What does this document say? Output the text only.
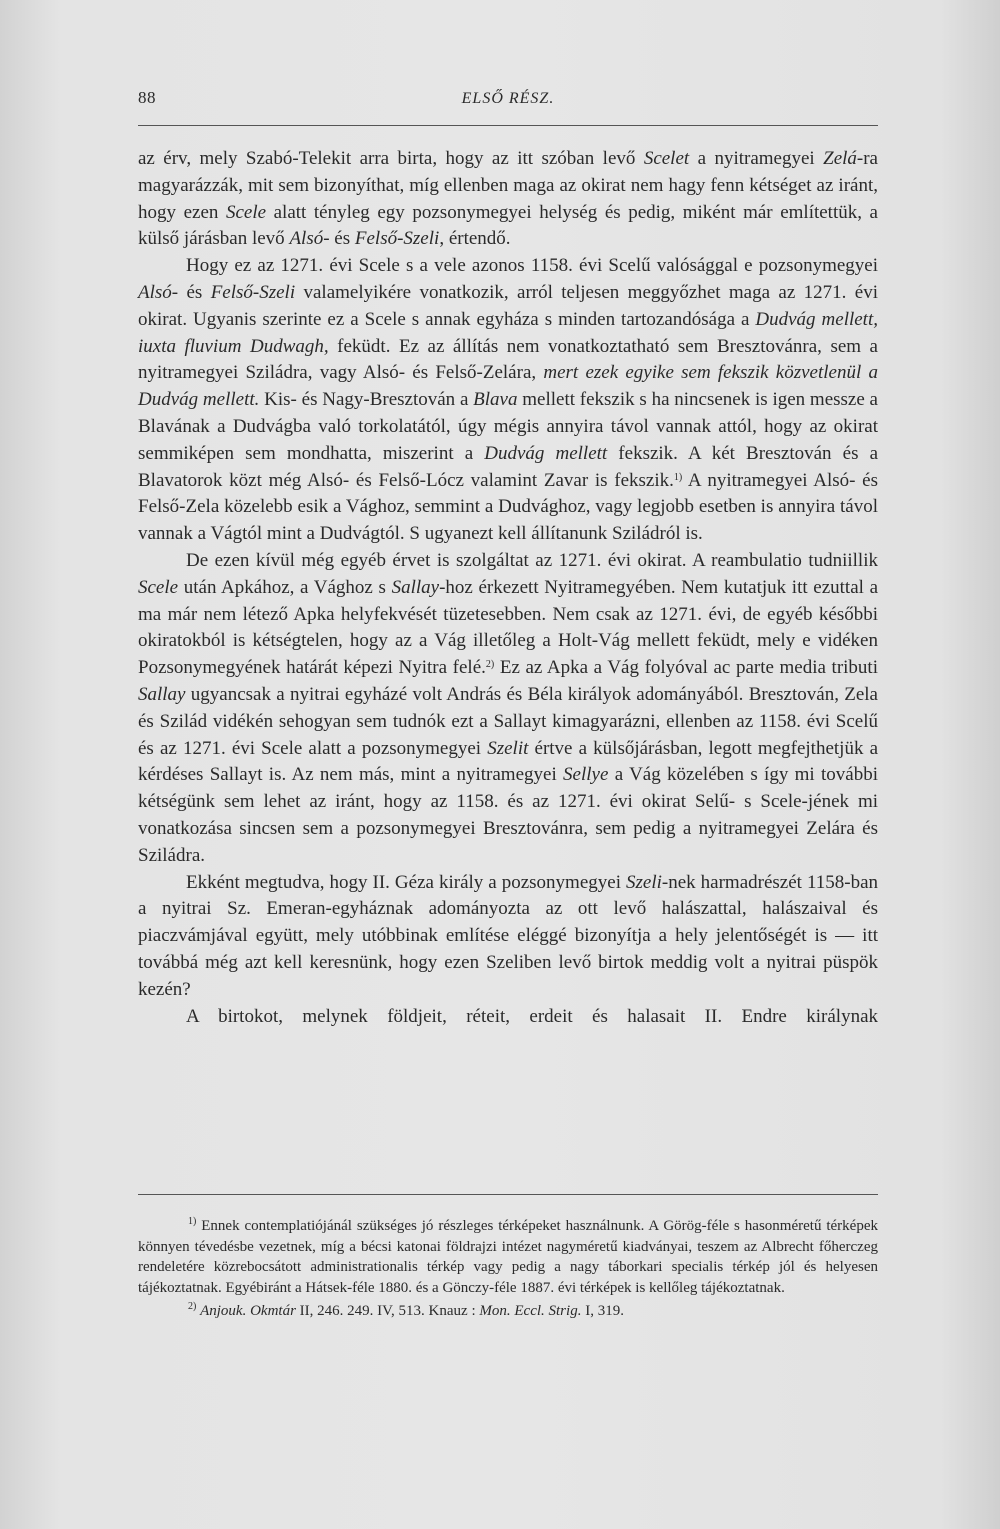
88	ELSŐ RÉSZ.

az érv, mely Szabó-Telekit arra birta, hogy az itt szóban levő Scelet a nyitramegyei Zelá-ra magyarázzák, mit sem bizonyíthat, míg ellenben maga az okirat nem hagy fenn kétséget az iránt, hogy ezen Scele alatt tényleg egy pozsonymegyei helység és pedig, miként már említettük, a külső járásban levő Alsó- és Felső-Szeli, értendő.

Hogy ez az 1271. évi Scele s a vele azonos 1158. évi Scelű valósággal e pozsonymegyei Alsó- és Felső-Szeli valamelyikére vonatkozik, arról teljesen meggyőzhet maga az 1271. évi okirat. Ugyanis szerinte ez a Scele s annak egyháza s minden tartozandósága a Dudvág mellett, iuxta fluvium Dudwagh, feküdt. Ez az állítás nem vonatkoztatható sem Bresztovánra, sem a nyitramegyei Sziládra, vagy Alsó- és Felső-Zelára, mert ezek egyike sem fekszik közvetlenül a Dudvág mellett. Kis- és Nagy-Bresztován a Blava mellett fekszik s ha nincsenek is igen messze a Blavának a Dudvágba való torkolatától, úgy mégis annyira távol vannak attól, hogy az okirat semmiképen sem mondhatta, miszerint a Dudvág mellett fekszik. A két Bresztován és a Blavatorok közt még Alsó- és Felső-Lócz valamint Zavar is fekszik.$^{1)}$ A nyitramegyei Alsó- és Felső-Zela közelebb esik a Vághoz, semmint a Dudvághoz, vagy legjobb esetben is annyira távol vannak a Vágtól mint a Dudvágtól. S ugyanezt kell állítanunk Sziládról is.

De ezen kívül még egyéb érvet is szolgáltat az 1271. évi okirat. A reambulatio tudniillik Scele után Apkához, a Vághoz s Sallay-hoz érkezett Nyitramegyében. Nem kutatjuk itt ezuttal a ma már nem létező Apka helyfekvését tüzetesebben. Nem csak az 1271. évi, de egyéb későbbi okiratokból is kétségtelen, hogy az a Vág illetőleg a Holt-Vág mellett feküdt, mely e vidéken Pozsonymegyének határát képezi Nyitra felé.$^{2)}$ Ez az Apka a Vág folyóval ac parte media tributi Sallay ugyancsak a nyitrai egyházé volt András és Béla királyok adományából. Bresztován, Zela és Szilád vidékén sehogyan sem tudnók ezt a Sallayt kimagyarázni, ellenben az 1158. évi Scelű és az 1271. évi Scele alatt a pozsonymegyei Szelit értve a külsőjárásban, legott megfejthetjük a kérdéses Sallayt is. Az nem más, mint a nyitramegyei Sellye a Vág közelében s így mi további kétségünk sem lehet az iránt, hogy az 1158. és az 1271. évi okirat Selű- s Scele-jének mi vonatkozása sincsen sem a pozsonymegyei Bresztovánra, sem pedig a nyitramegyei Zelára és Sziládra.

Ekként megtudva, hogy II. Géza király a pozsonymegyei Szeli-nek harmadrészét 1158-ban a nyitrai Sz. Emeran-egyháznak adományozta az ott levő halászattal, halászaival és piaczvámjával együtt, mely utóbbinak említése eléggé bizonyítja a hely jelentőségét is — itt továbbá még azt kell keresnünk, hogy ezen Szeliben levő birtok meddig volt a nyitrai püspök kezén?

A birtokot, melynek földjeit, réteit, erdeit és halasait II. Endre királynak

$^{1)}$ Ennek contemplatiójánál szükséges jó részleges térképeket használnunk. A Görög-féle s hasonméretű térképek könnyen tévedésbe vezetnek, míg a bécsi katonai földrajzi intézet nagyméretű kiadványai, teszem az Albrecht főherczeg rendeletére közrebocsátott administrationalis térkép vagy pedig a nagy táborkari specialis térkép jól és helyesen tájékoztatnak. Egyébiránt a Hátsek-féle 1880. és a Gönczy-féle 1887. évi térképek is kellőleg tájékoztatnak.

$^{2)}$ Anjouk. Okmtár II, 246. 249. IV, 513. Knauz : Mon. Eccl. Strig. I, 319.
